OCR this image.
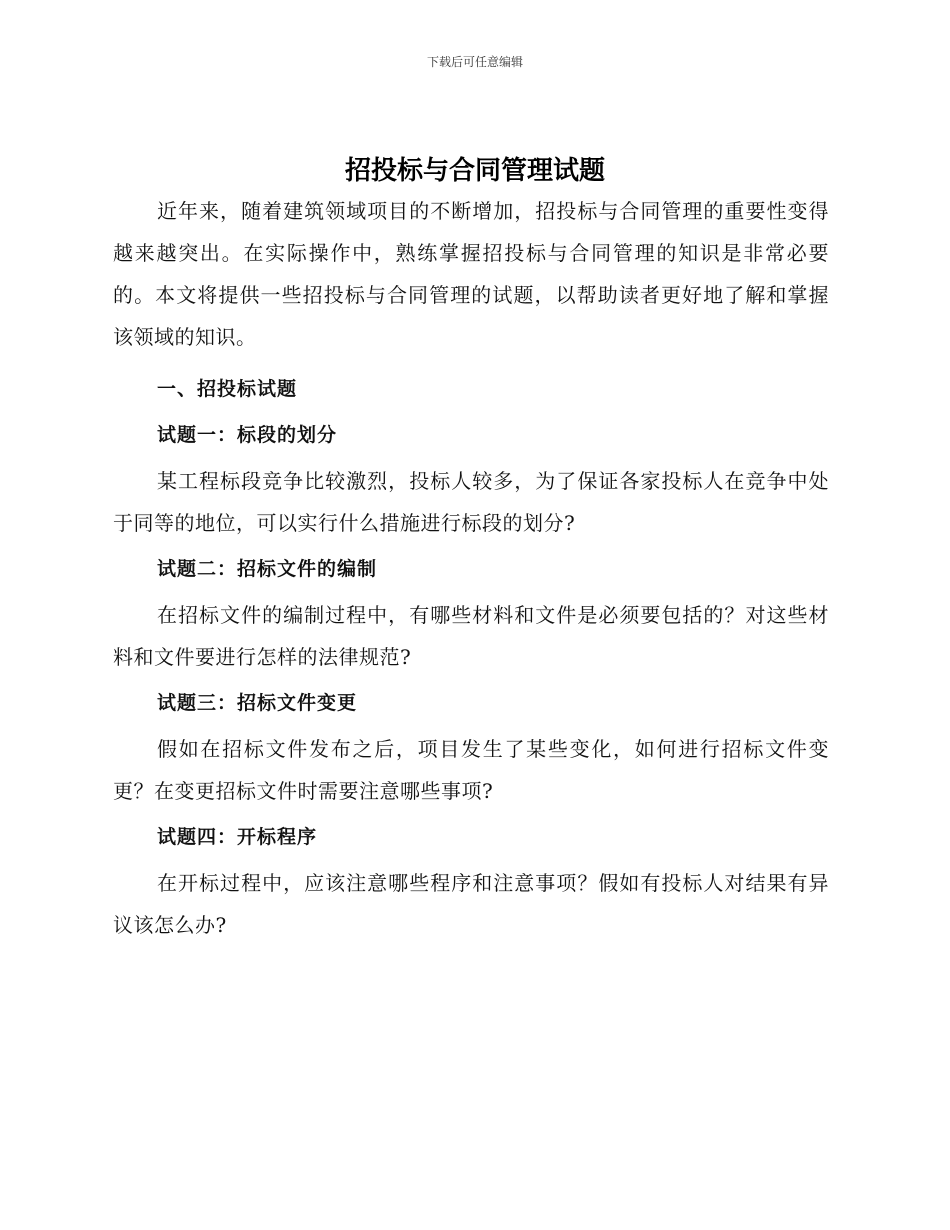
下载后可任意编辑
招投标与合同管理试题

近年来，随着建筑领域项目的不断增加，招投标与合同管理的重要性变得越来越突出。在实际操作中，熟练掌握招投标与合同管理的知识是非常必要的。本文将提供一些招投标与合同管理的试题，以帮助读者更好地了解和掌握该领域的知识。

一、招投标试题

试题一：标段的划分

某工程标段竞争比较激烈，投标人较多，为了保证各家投标人在竞争中处于同等的地位，可以实行什么措施进行标段的划分?

试题二：招标文件的编制

在招标文件的编制过程中，有哪些材料和文件是必须要包括的？对这些材料和文件要进行怎样的法律规范?

试题三：招标文件变更

假如在招标文件发布之后，项目发生了某些变化，如何进行招标文件变更？在变更招标文件时需要注意哪些事项?

试题四：开标程序

在开标过程中，应该注意哪些程序和注意事项？假如有投标人对结果有异议该怎么办?
